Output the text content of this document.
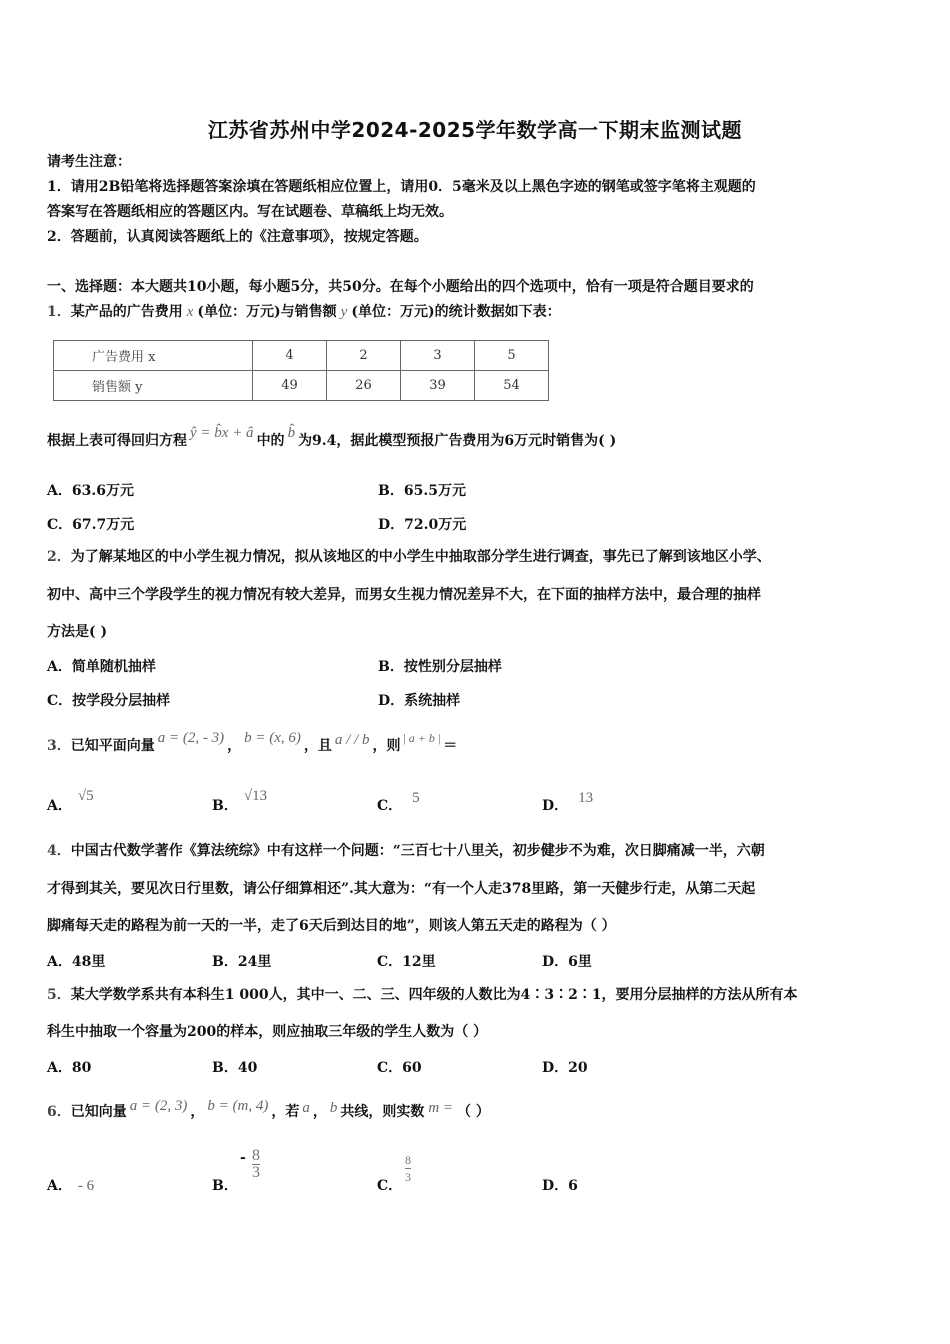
江苏省苏州中学2024-2025学年数学高一下期末监测试题
请考生注意：
1．请用2B铅笔将选择题答案涂填在答题纸相应位置上，请用0．5毫米及以上黑色字迹的钢笔或签字笔将主观题的
答案写在答题纸相应的答题区内。写在试题卷、草稿纸上均无效。
2．答题前，认真阅读答题纸上的《注意事项》，按规定答题。
一、选择题：本大题共10小题，每小题5分，共50分。在每个小题给出的四个选项中，恰有一项是符合题目要求的
1．某产品的广告费用 x (单位：万元)与销售额 y (单位：万元)的统计数据如下表：
广告费用 x	4	2	3	5
销售额 y	49	26	39	54
根据上表可得回归方程 ŷ = b̂x + â 中的 b̂ 为9.4，据此模型预报广告费用为6万元时销售为( )
A．63.6万元	B．65.5万元
C．67.7万元	D．72.0万元
2．为了解某地区的中小学生视力情况，拟从该地区的中小学生中抽取部分学生进行调查，事先已了解到该地区小学、
初中、高中三个学段学生的视力情况有较大差异，而男女生视力情况差异不大，在下面的抽样方法中，最合理的抽样
方法是( )
A．简单随机抽样	B．按性别分层抽样
C．按学段分层抽样	D．系统抽样
3．已知平面向量 a = (2, - 3) ， b = (x, 6) ，且 a / / b ，则 | a + b | ＝
A．√5
B．√13
C． 5	D． 13
4．中国古代数学著作《算法统综》中有这样一个问题：“三百七十八里关，初步健步不为难，次日脚痛减一半，六朝
才得到其关，要见次日行里数，请公仔细算相还”.其大意为：“有一个人走378里路，第一天健步行走，从第二天起
脚痛每天走的路程为前一天的一半，走了6天后到达目的地”，则该人第五天走的路程为（ ）
A．48里	B．24里	C．12里	D．6里
5．某大学数学系共有本科生1 000人，其中一、二、三、四年级的人数比为4∶3∶2∶1，要用分层抽样的方法从所有本
科生中抽取一个容量为200的样本，则应抽取三年级的学生人数为（ ）
A．80	B．40	C．60	D．20
6．已知向量 a = (2, 3) ， b = (m, 4) ，若 a ， b 共线，则实数 m = （ ）
A． - 6	B．
- $\frac{8}{3}$
C．
$\frac{8}{3}$
D．6
